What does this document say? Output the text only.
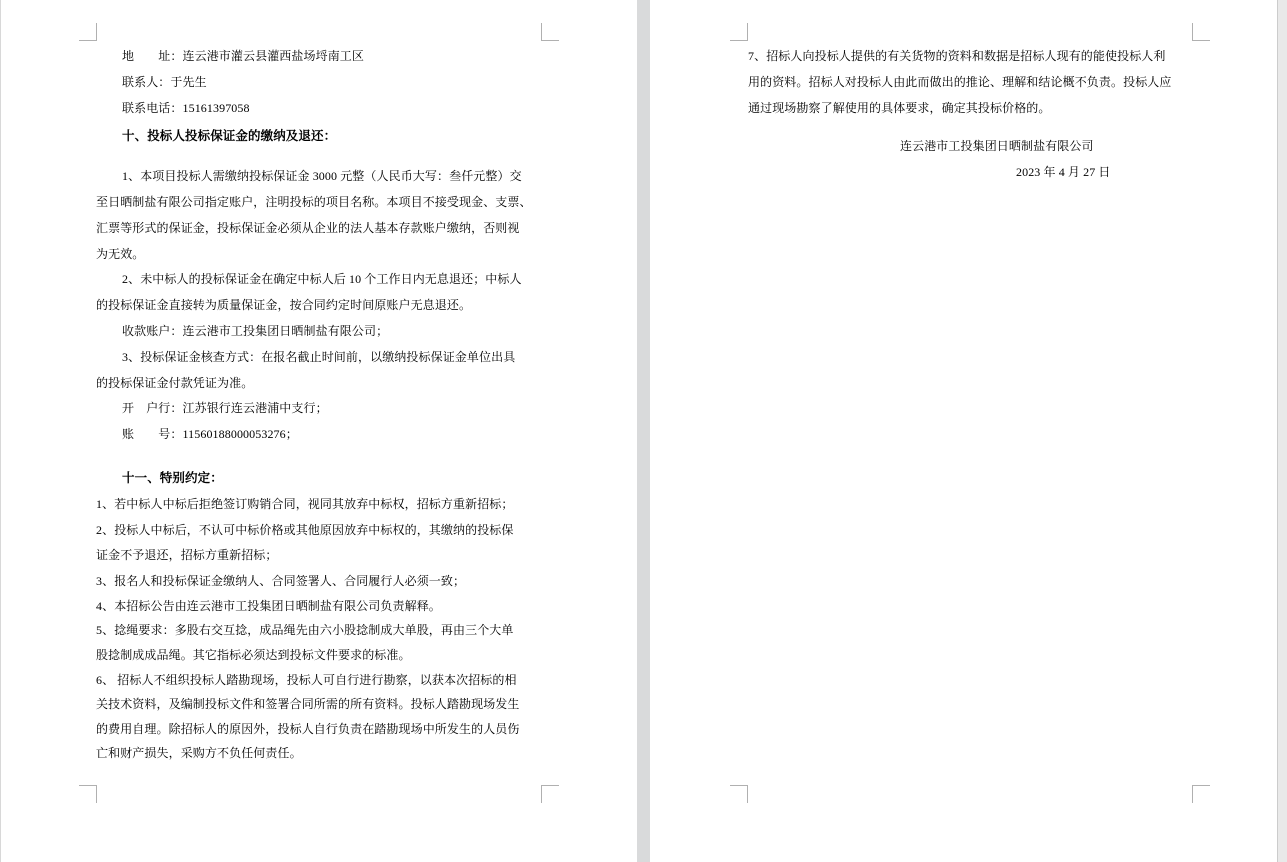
地　　址：连云港市灌云县灌西盐场埒南工区
联系人：于先生
联系电话：15161397058
十、投标人投标保证金的缴纳及退还：
1、本项目投标人需缴纳投标保证金 3000 元整（人民币大写：叁仟元整）交
至日晒制盐有限公司指定账户，注明投标的项目名称。本项目不接受现金、支票、
汇票等形式的保证金，投标保证金必须从企业的法人基本存款账户缴纳，否则视
为无效。
2、未中标人的投标保证金在确定中标人后 10 个工作日内无息退还；中标人
的投标保证金直接转为质量保证金，按合同约定时间原账户无息退还。
收款账户：连云港市工投集团日晒制盐有限公司；
3、投标保证金核查方式：在报名截止时间前，以缴纳投标保证金单位出具
的投标保证金付款凭证为准。
开　户行：江苏银行连云港浦中支行；
账　　号：11560188000053276；
十一、特别约定：
1、若中标人中标后拒绝签订购销合同，视同其放弃中标权，招标方重新招标；
2、投标人中标后，不认可中标价格或其他原因放弃中标权的，其缴纳的投标保
证金不予退还，招标方重新招标；
3、报名人和投标保证金缴纳人、合同签署人、合同履行人必须一致；
4、本招标公告由连云港市工投集团日晒制盐有限公司负责解释。
5、捻绳要求：多股右交互捻，成品绳先由六小股捻制成大单股，再由三个大单
股捻制成成品绳。其它指标必须达到投标文件要求的标准。
6、 招标人不组织投标人踏勘现场，投标人可自行进行勘察，以获本次招标的相
关技术资料，及编制投标文件和签署合同所需的所有资料。投标人踏勘现场发生
的费用自理。除招标人的原因外，投标人自行负责在踏勘现场中所发生的人员伤
亡和财产损失，采购方不负任何责任。
7、招标人向投标人提供的有关货物的资料和数据是招标人现有的能使投标人利
用的资料。招标人对投标人由此而做出的推论、理解和结论概不负责。投标人应
通过现场勘察了解使用的具体要求，确定其投标价格的。
连云港市工投集团日晒制盐有限公司
2023 年 4 月 27 日
